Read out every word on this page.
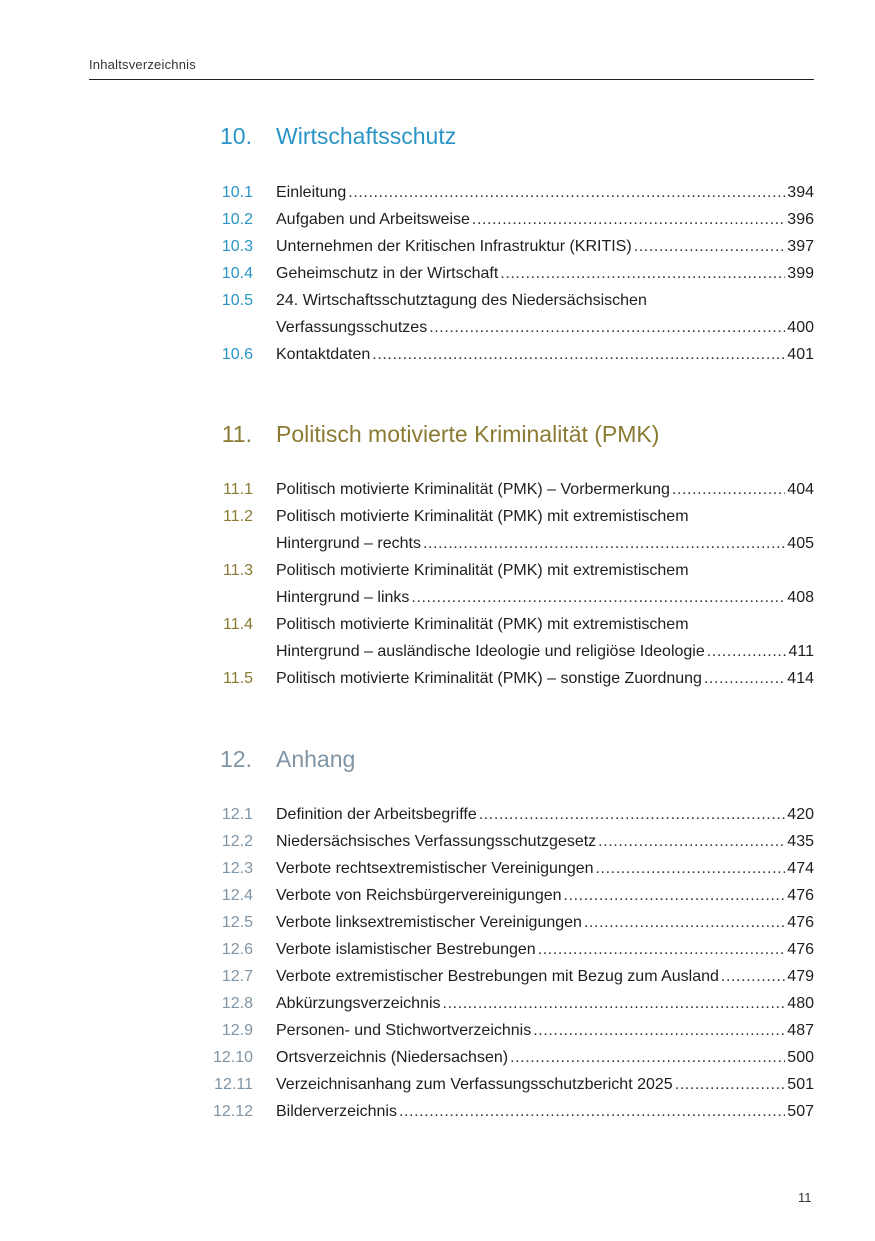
Inhaltsverzeichnis
10. Wirtschaftsschutz
10.1 Einleitung .....	394
10.2 Aufgaben und Arbeitsweise .....	396
10.3 Unternehmen der Kritischen Infrastruktur (KRITIS) .....	397
10.4 Geheimschutz in der Wirtschaft .....	399
10.5 24. Wirtschaftsschutztagung des Niedersächsischen
Verfassungsschutzes .....	400
10.6 Kontaktdaten .....	401
11. Politisch motivierte Kriminalität (PMK)
11.1 Politisch motivierte Kriminalität (PMK) – Vorbermerkung .....	404
11.2 Politisch motivierte Kriminalität (PMK) mit extremistischem
Hintergrund – rechts .....	405
11.3 Politisch motivierte Kriminalität (PMK) mit extremistischem
Hintergrund – links .....	408
11.4 Politisch motivierte Kriminalität (PMK) mit extremistischem
Hintergrund – ausländische Ideologie und religiöse Ideologie .....	411
11.5 Politisch motivierte Kriminalität (PMK) – sonstige Zuordnung .....	414
12. Anhang
12.1 Definition der Arbeitsbegriffe .....	420
12.2 Niedersächsisches Verfassungsschutzgesetz .....	435
12.3 Verbote rechtsextremistischer Vereinigungen .....	474
12.4 Verbote von Reichsbürgervereinigungen .....	476
12.5 Verbote linksextremistischer Vereinigungen .....	476
12.6 Verbote islamistischer Bestrebungen .....	476
12.7 Verbote extremistischer Bestrebungen mit Bezug zum Ausland .....	479
12.8 Abkürzungsverzeichnis .....	480
12.9 Personen- und Stichwortverzeichnis .....	487
12.10 Ortsverzeichnis (Niedersachsen) .....	500
12.11 Verzeichnisanhang zum Verfassungsschutzbericht 2025 .....	501
12.12 Bilderverzeichnis .....	507
11
